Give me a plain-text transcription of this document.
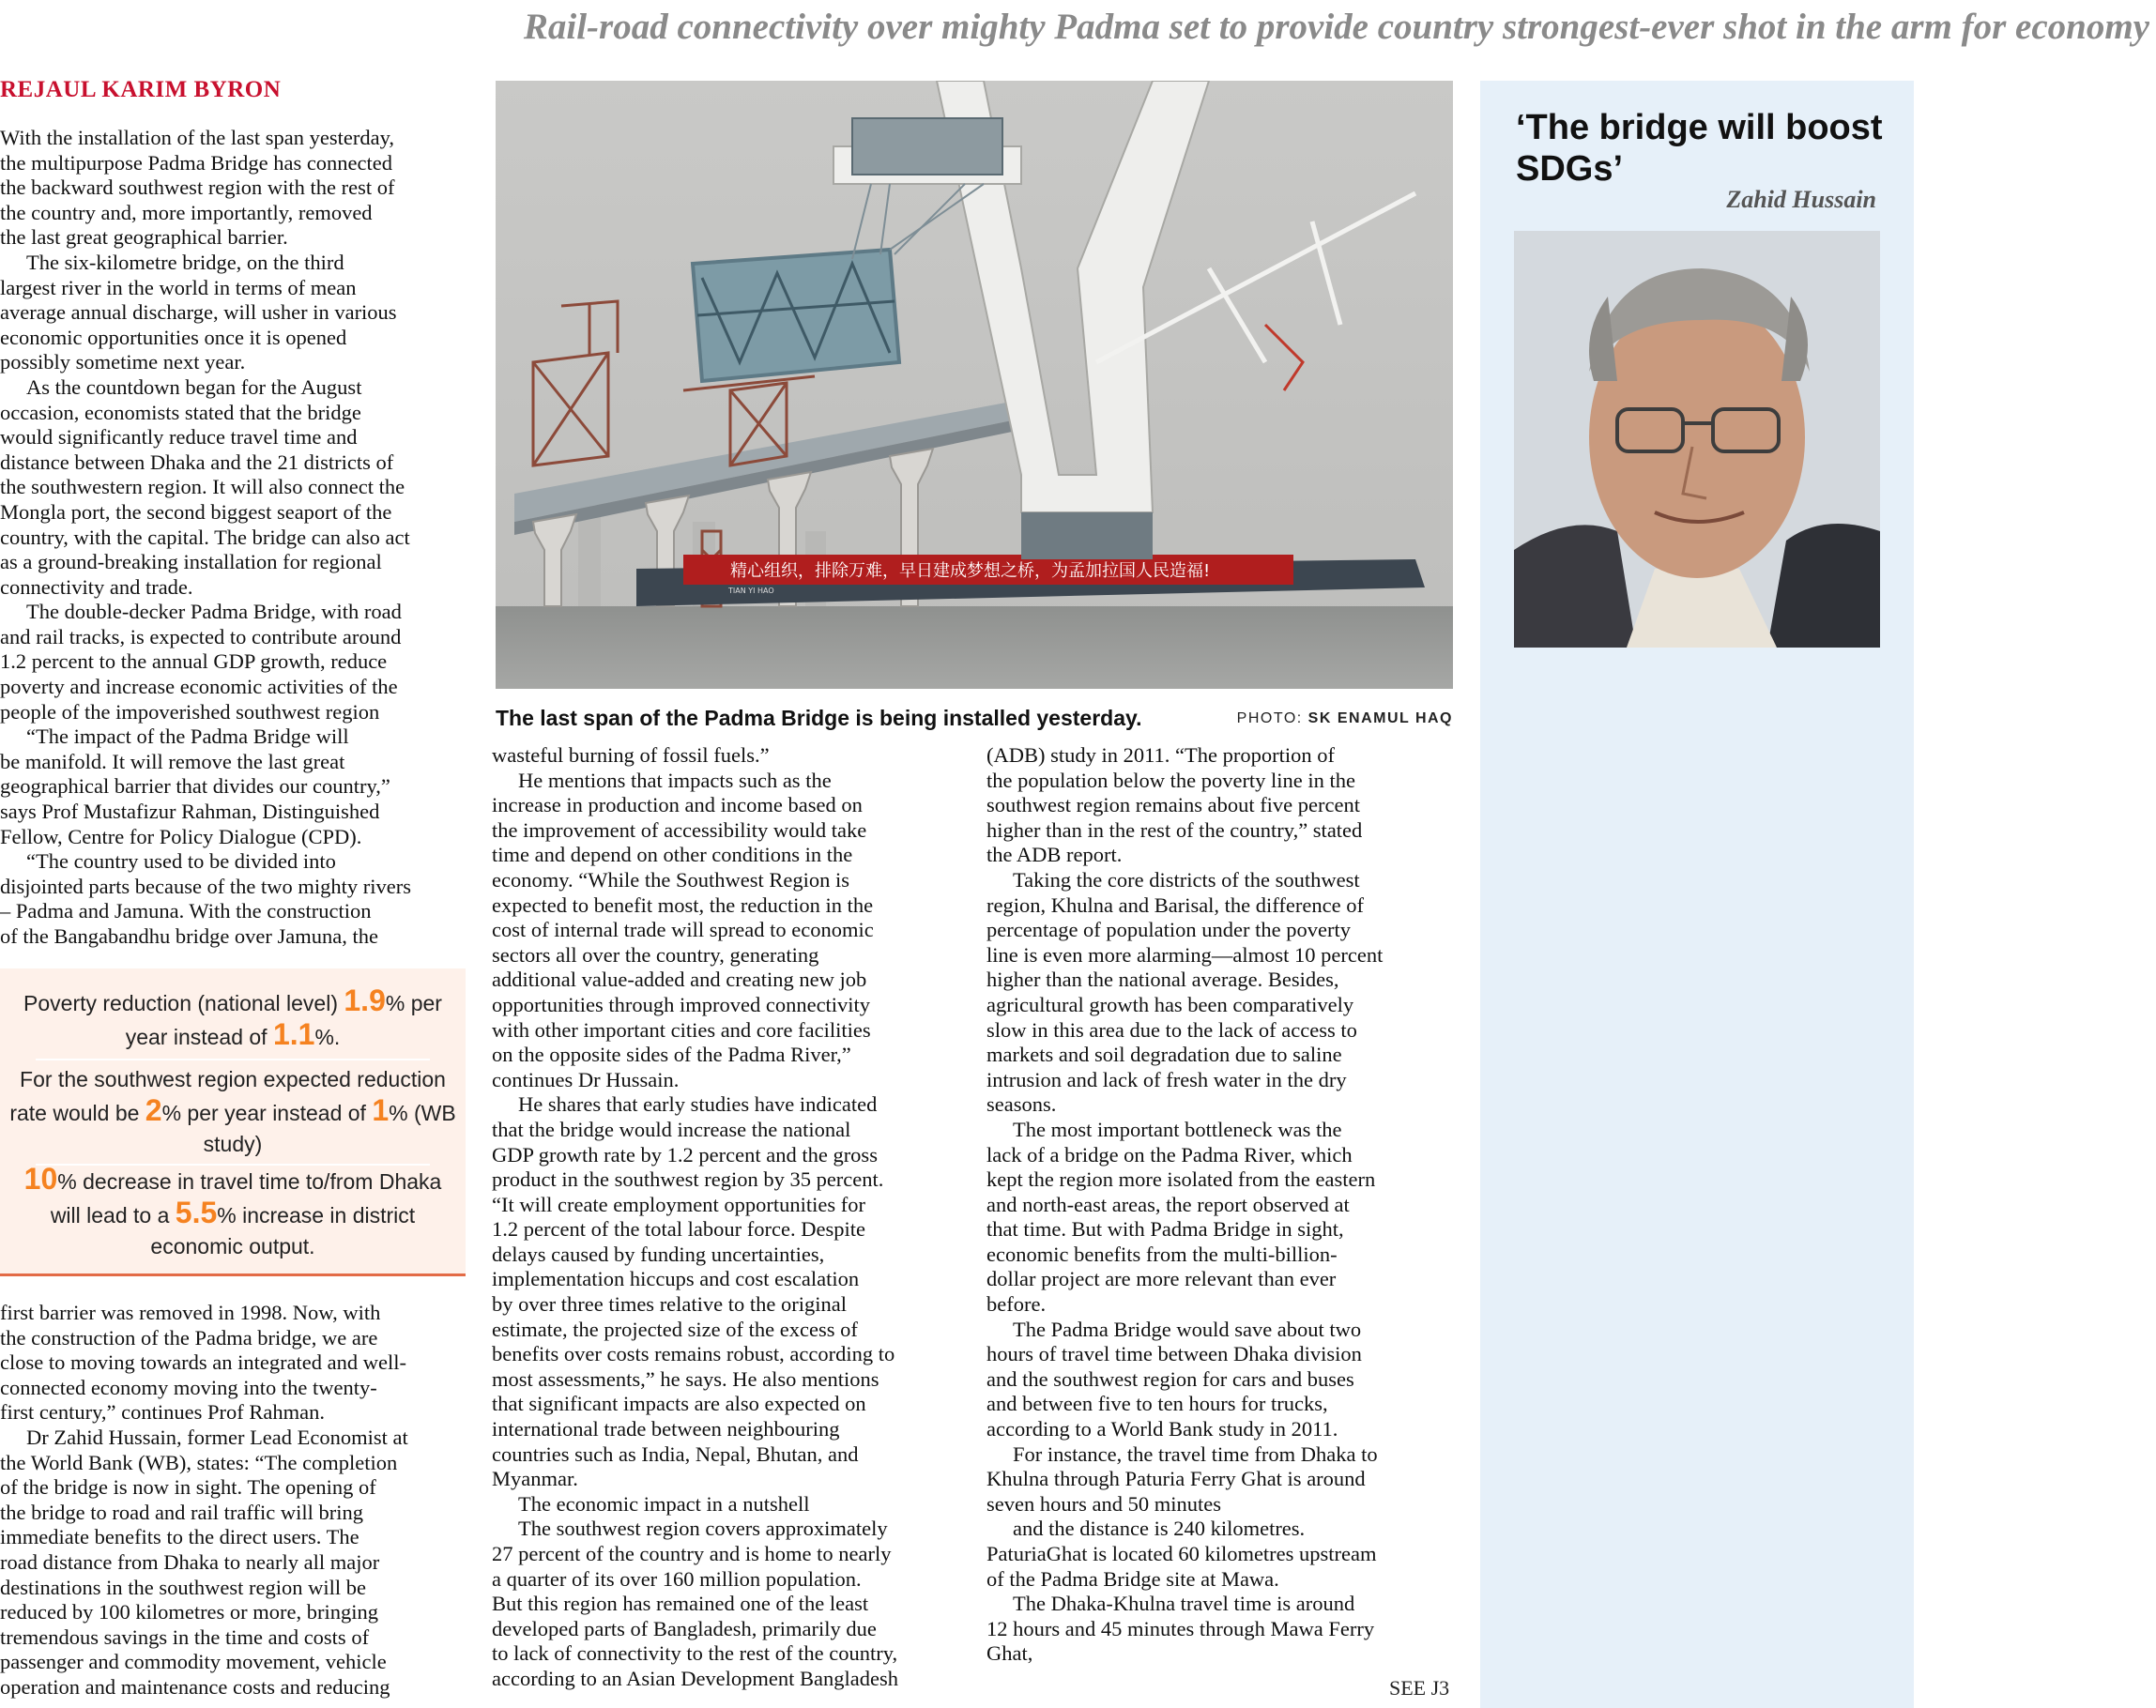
Rail-road connectivity over mighty Padma set to provide country strongest-ever shot in the arm for economy
REJAUL KARIM BYRON

With the installation of the last span yesterday,

the multipurpose Padma Bridge has connected

the backward southwest region with the rest of

the country and, more importantly, removed

the last great geographical barrier.

The six-kilometre bridge, on the third

largest river in the world in terms of mean

average annual discharge, will usher in various

economic opportunities once it is opened

possibly sometime next year.

As the countdown began for the August

occasion, economists stated that the bridge

would significantly reduce travel time and

distance between Dhaka and the 21 districts of

the southwestern region. It will also connect the

Mongla port, the second biggest seaport of the

country, with the capital. The bridge can also act

as a ground-breaking installation for regional

connectivity and trade.

The double-decker Padma Bridge, with road

and rail tracks, is expected to contribute around

1.2 percent to the annual GDP growth, reduce

poverty and increase economic activities of the

people of the impoverished southwest region

“The impact of the Padma Bridge will

be manifold. It will remove the last great

geographical barrier that divides our country,”

says Prof Mustafizur Rahman, Distinguished

Fellow, Centre for Policy Dialogue (CPD).

“The country used to be divided into

disjointed parts because of the two mighty rivers

– Padma and Jamuna. With the construction

of the Bangabandhu bridge over Jamuna, the

Poverty reduction (national level) 1.9% per
year instead of 1.1%.
For the southwest region expected reduction
rate would be 2% per year instead of 1% (WB
study)
10% decrease in travel time to/from Dhaka
will lead to a 5.5% increase in district
economic output.

first barrier was removed in 1998. Now, with

the construction of the Padma bridge, we are

close to moving towards an integrated and well-

connected economy moving into the twenty-

first century,” continues Prof Rahman.

Dr Zahid Hussain, former Lead Economist at

the World Bank (WB), states: “The completion

of the bridge is now in sight. The opening of

the bridge to road and rail traffic will bring

immediate benefits to the direct users. The

road distance from Dhaka to nearly all major

destinations in the southwest region will be

reduced by 100 kilometres or more, bringing

tremendous savings in the time and costs of

passenger and commodity movement, vehicle

operation and maintenance costs and reducing

精心组织，排除万难，早日建成梦想之桥，为孟加拉国人民造福!
TIAN YI HAO
The last span of the Padma Bridge is being installed yesterday.	PHOTO: SK ENAMUL HAQ

wasteful burning of fossil fuels.”

He mentions that impacts such as the

increase in production and income based on

the improvement of accessibility would take

time and depend on other conditions in the

economy. “While the Southwest Region is

expected to benefit most, the reduction in the

cost of internal trade will spread to economic

sectors all over the country, generating

additional value-added and creating new job

opportunities through improved connectivity

with other important cities and core facilities

on the opposite sides of the Padma River,”

continues Dr Hussain.

He shares that early studies have indicated

that the bridge would increase the national

GDP growth rate by 1.2 percent and the gross

product in the southwest region by 35 percent.

“It will create employment opportunities for

1.2 percent of the total labour force. Despite

delays caused by funding uncertainties,

implementation hiccups and cost escalation

by over three times relative to the original

estimate, the projected size of the excess of

benefits over costs remains robust, according to

most assessments,” he says. He also mentions

that significant impacts are also expected on

international trade between neighbouring

countries such as India, Nepal, Bhutan, and

Myanmar.

The economic impact in a nutshell

The southwest region covers approximately

27 percent of the country and is home to nearly

a quarter of its over 160 million population.

But this region has remained one of the least

developed parts of Bangladesh, primarily due

to lack of connectivity to the rest of the country,

according to an Asian Development Bangladesh

(ADB) study in 2011. “The proportion of

the population below the poverty line in the

southwest region remains about five percent

higher than in the rest of the country,” stated

the ADB report.

Taking the core districts of the southwest

region, Khulna and Barisal, the difference of

percentage of population under the poverty

line is even more alarming—almost 10 percent

higher than the national average. Besides,

agricultural growth has been comparatively

slow in this area due to the lack of access to

markets and soil degradation due to saline

intrusion and lack of fresh water in the dry

seasons.

The most important bottleneck was the

lack of a bridge on the Padma River, which

kept the region more isolated from the eastern

and north-east areas, the report observed at

that time. But with Padma Bridge in sight,

economic benefits from the multi-billion-

dollar project are more relevant than ever

before.

The Padma Bridge would save about two

hours of travel time between Dhaka division

and the southwest region for cars and buses

and between five to ten hours for trucks,

according to a World Bank study in 2011.

For instance, the travel time from Dhaka to

Khulna through Paturia Ferry Ghat is around

seven hours and 50 minutes

and the distance is 240 kilometres.

PaturiaGhat is located 60 kilometres upstream

of the Padma Bridge site at Mawa.

The Dhaka-Khulna travel time is around

12 hours and 45 minutes through Mawa Ferry

Ghat,

SEE J3
‘The bridge will boost
SDGs’
Zahid Hussain
